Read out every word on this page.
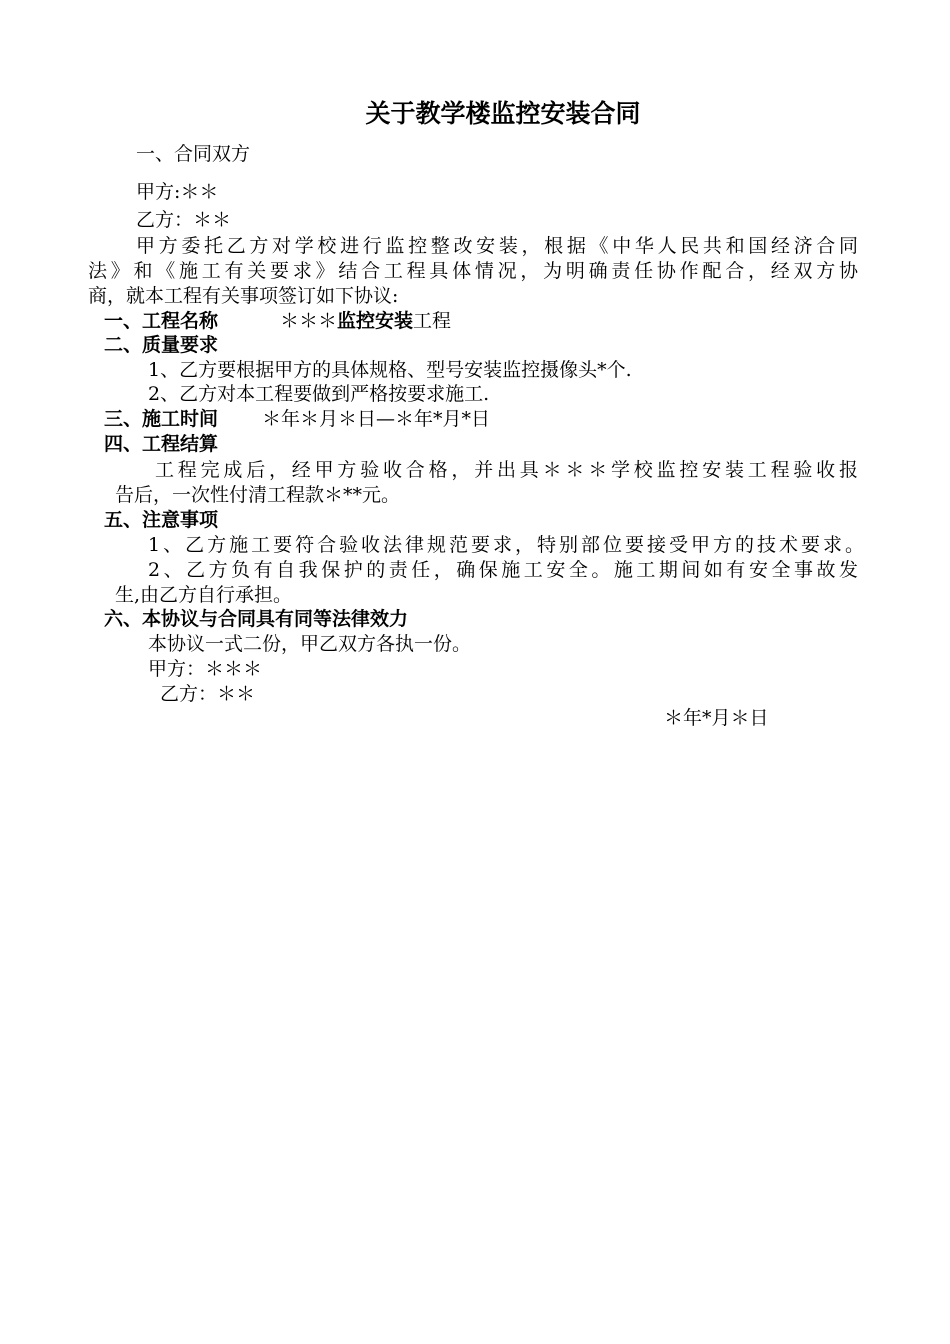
关于教学楼监控安装合同
一、合同双方
甲方:＊＊
乙方：＊＊
甲方委托乙方对学校进行监控整改安装，根据《中华人民共和国经济合同
法》和《施工有关要求》结合工程具体情况，为明确责任协作配合，经双方协
商，就本工程有关事项签订如下协议:
一、工程名称	＊＊＊监控安装工程
二、质量要求
1、乙方要根据甲方的具体规格、型号安装监控摄像头*个.
2、乙方对本工程要做到严格按要求施工.
三、施工时间 ＊年＊月＊日—＊年*月*日
四、工程结算
工程完成后，经甲方验收合格，并出具＊＊＊学校监控安装工程验收报
告后，一次性付清工程款＊**元。
五、注意事项
1、乙方施工要符合验收法律规范要求，特别部位要接受甲方的技术要求。
2、乙方负有自我保护的责任，确保施工安全。施工期间如有安全事故发
生,由乙方自行承担。
六、本协议与合同具有同等法律效力
本协议一式二份，甲乙双方各执一份。
甲方：＊＊＊
乙方：＊＊
＊年*月＊日
